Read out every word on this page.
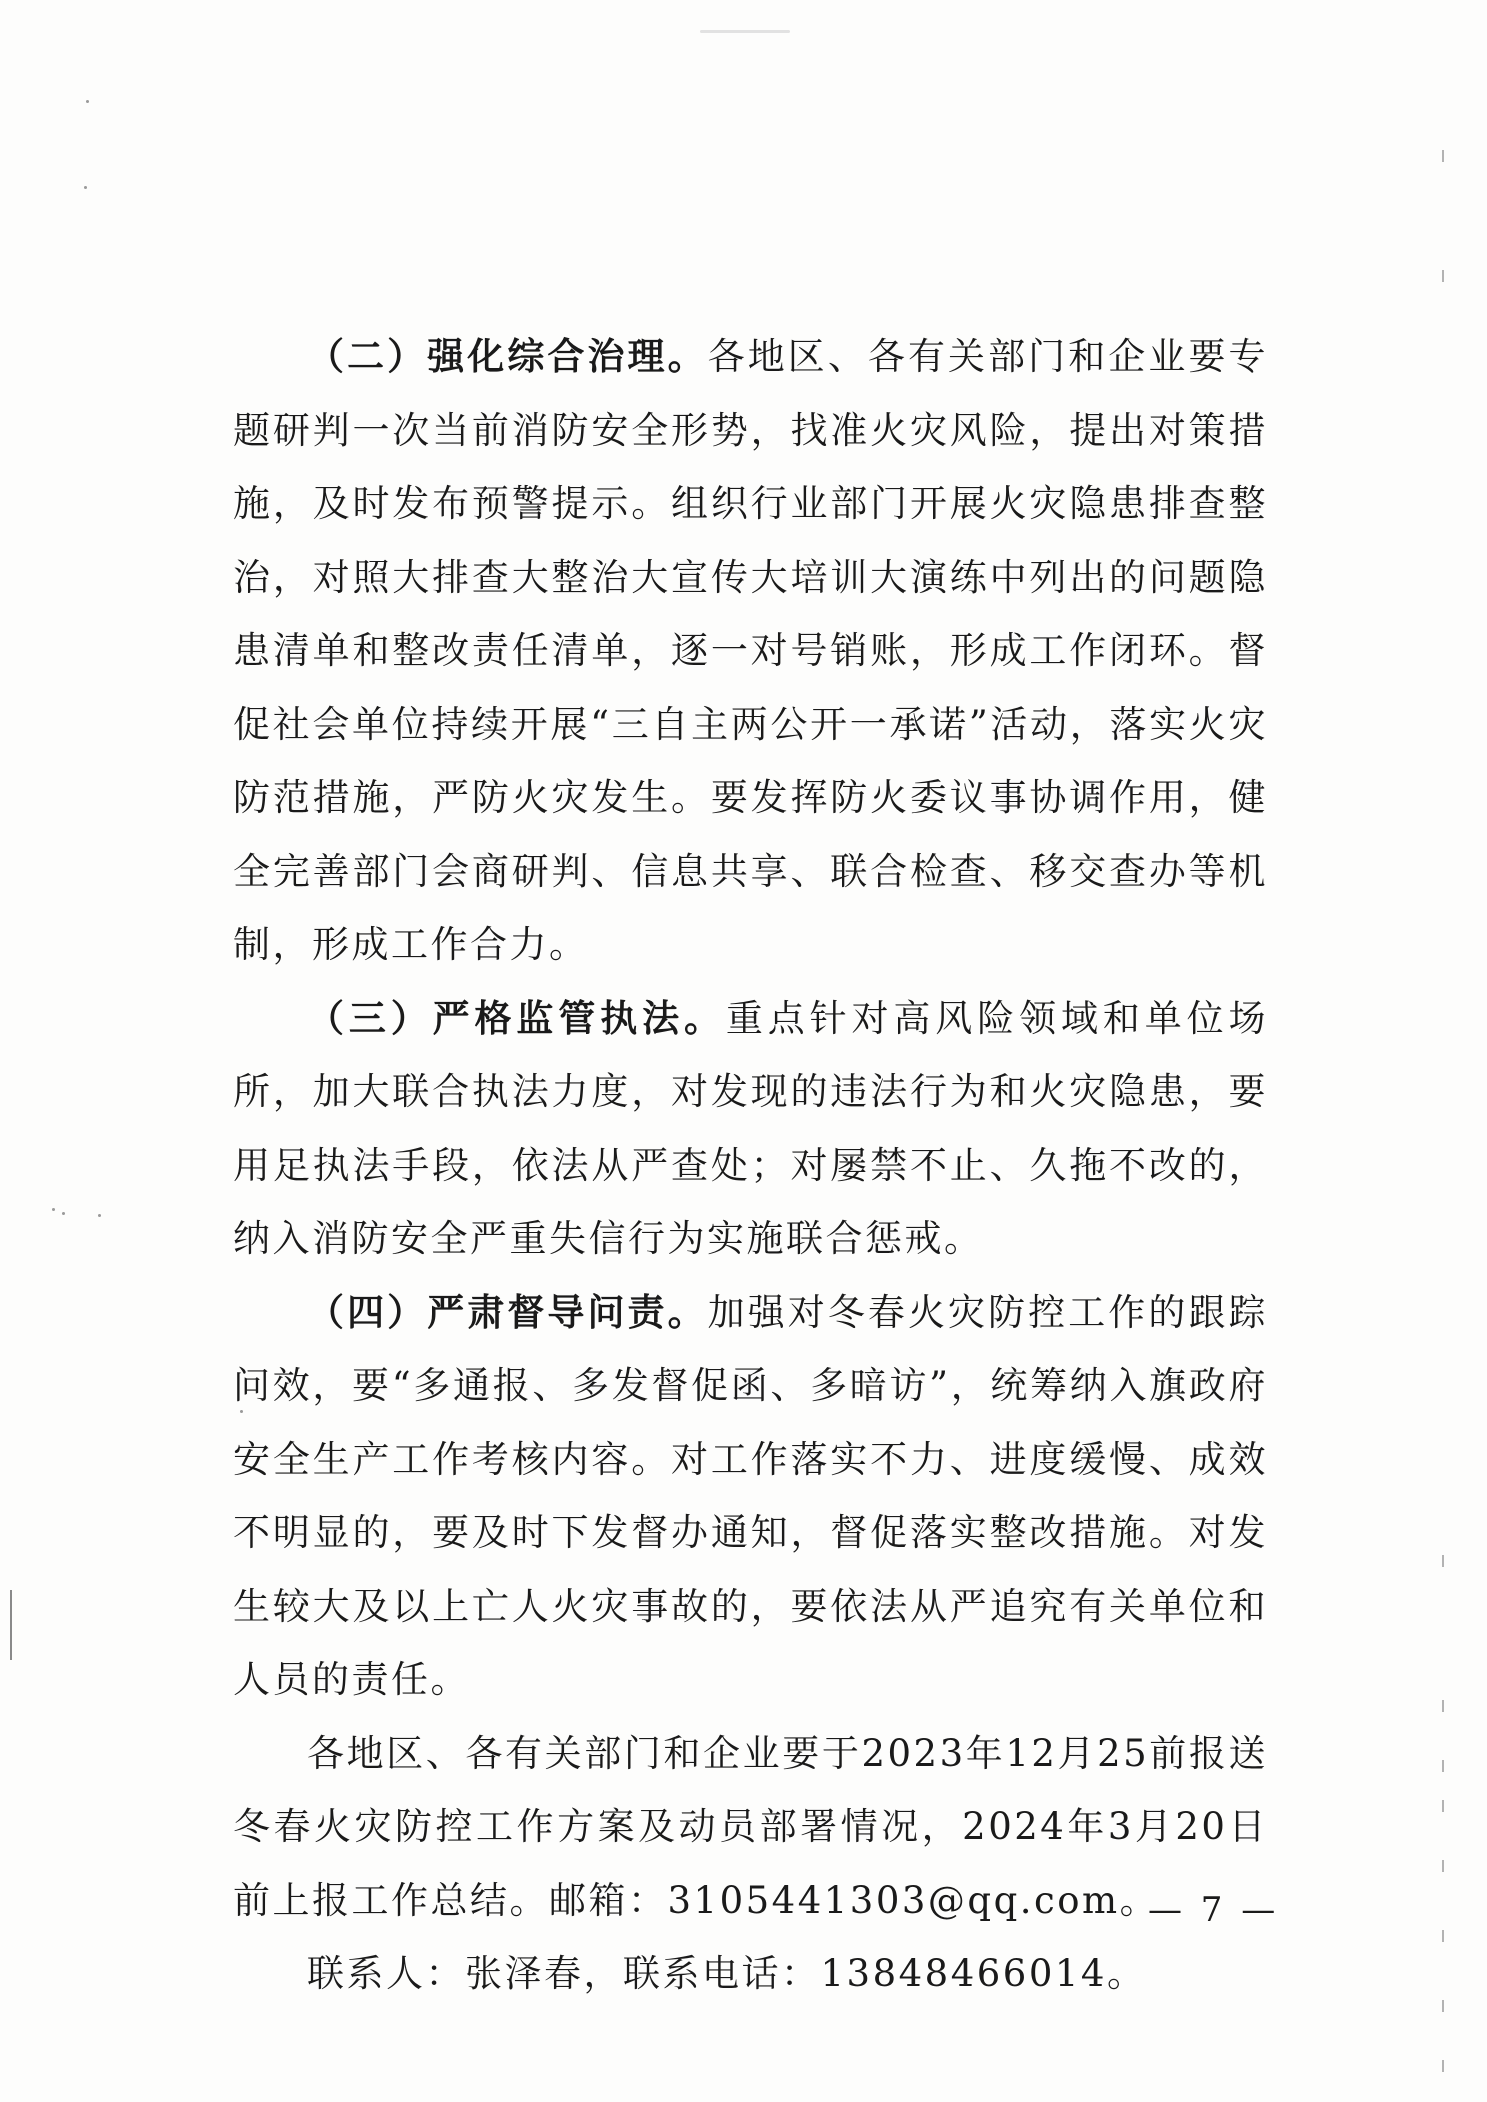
（二）强化综合治理。各地区、各有关部门和企业要专题研判一次当前消防安全形势，找准火灾风险，提出对策措施，及时发布预警提示。组织行业部门开展火灾隐患排查整治，对照大排查大整治大宣传大培训大演练中列出的问题隐患清单和整改责任清单，逐一对号销账，形成工作闭环。督促社会单位持续开展“三自主两公开一承诺”活动，落实火灾防范措施，严防火灾发生。要发挥防火委议事协调作用，健全完善部门会商研判、信息共享、联合检查、移交查办等机制，形成工作合力。

（三）严格监管执法。重点针对高风险领域和单位场所，加大联合执法力度，对发现的违法行为和火灾隐患，要用足执法手段，依法从严查处；对屡禁不止、久拖不改的，纳入消防安全严重失信行为实施联合惩戒。

（四）严肃督导问责。加强对冬春火灾防控工作的跟踪问效，要“多通报、多发督促函、多暗访”，统筹纳入旗政府安全生产工作考核内容。对工作落实不力、进度缓慢、成效不明显的，要及时下发督办通知，督促落实整改措施。对发生较大及以上亡人火灾事故的，要依法从严追究有关单位和人员的责任。

各地区、各有关部门和企业要于2023年12月25前报送冬春火灾防控工作方案及动员部署情况，2024年3月20日前上报工作总结。邮箱：3105441303@qq.com。

联系人：张泽春，联系电话：13848466014。

— 7 —
